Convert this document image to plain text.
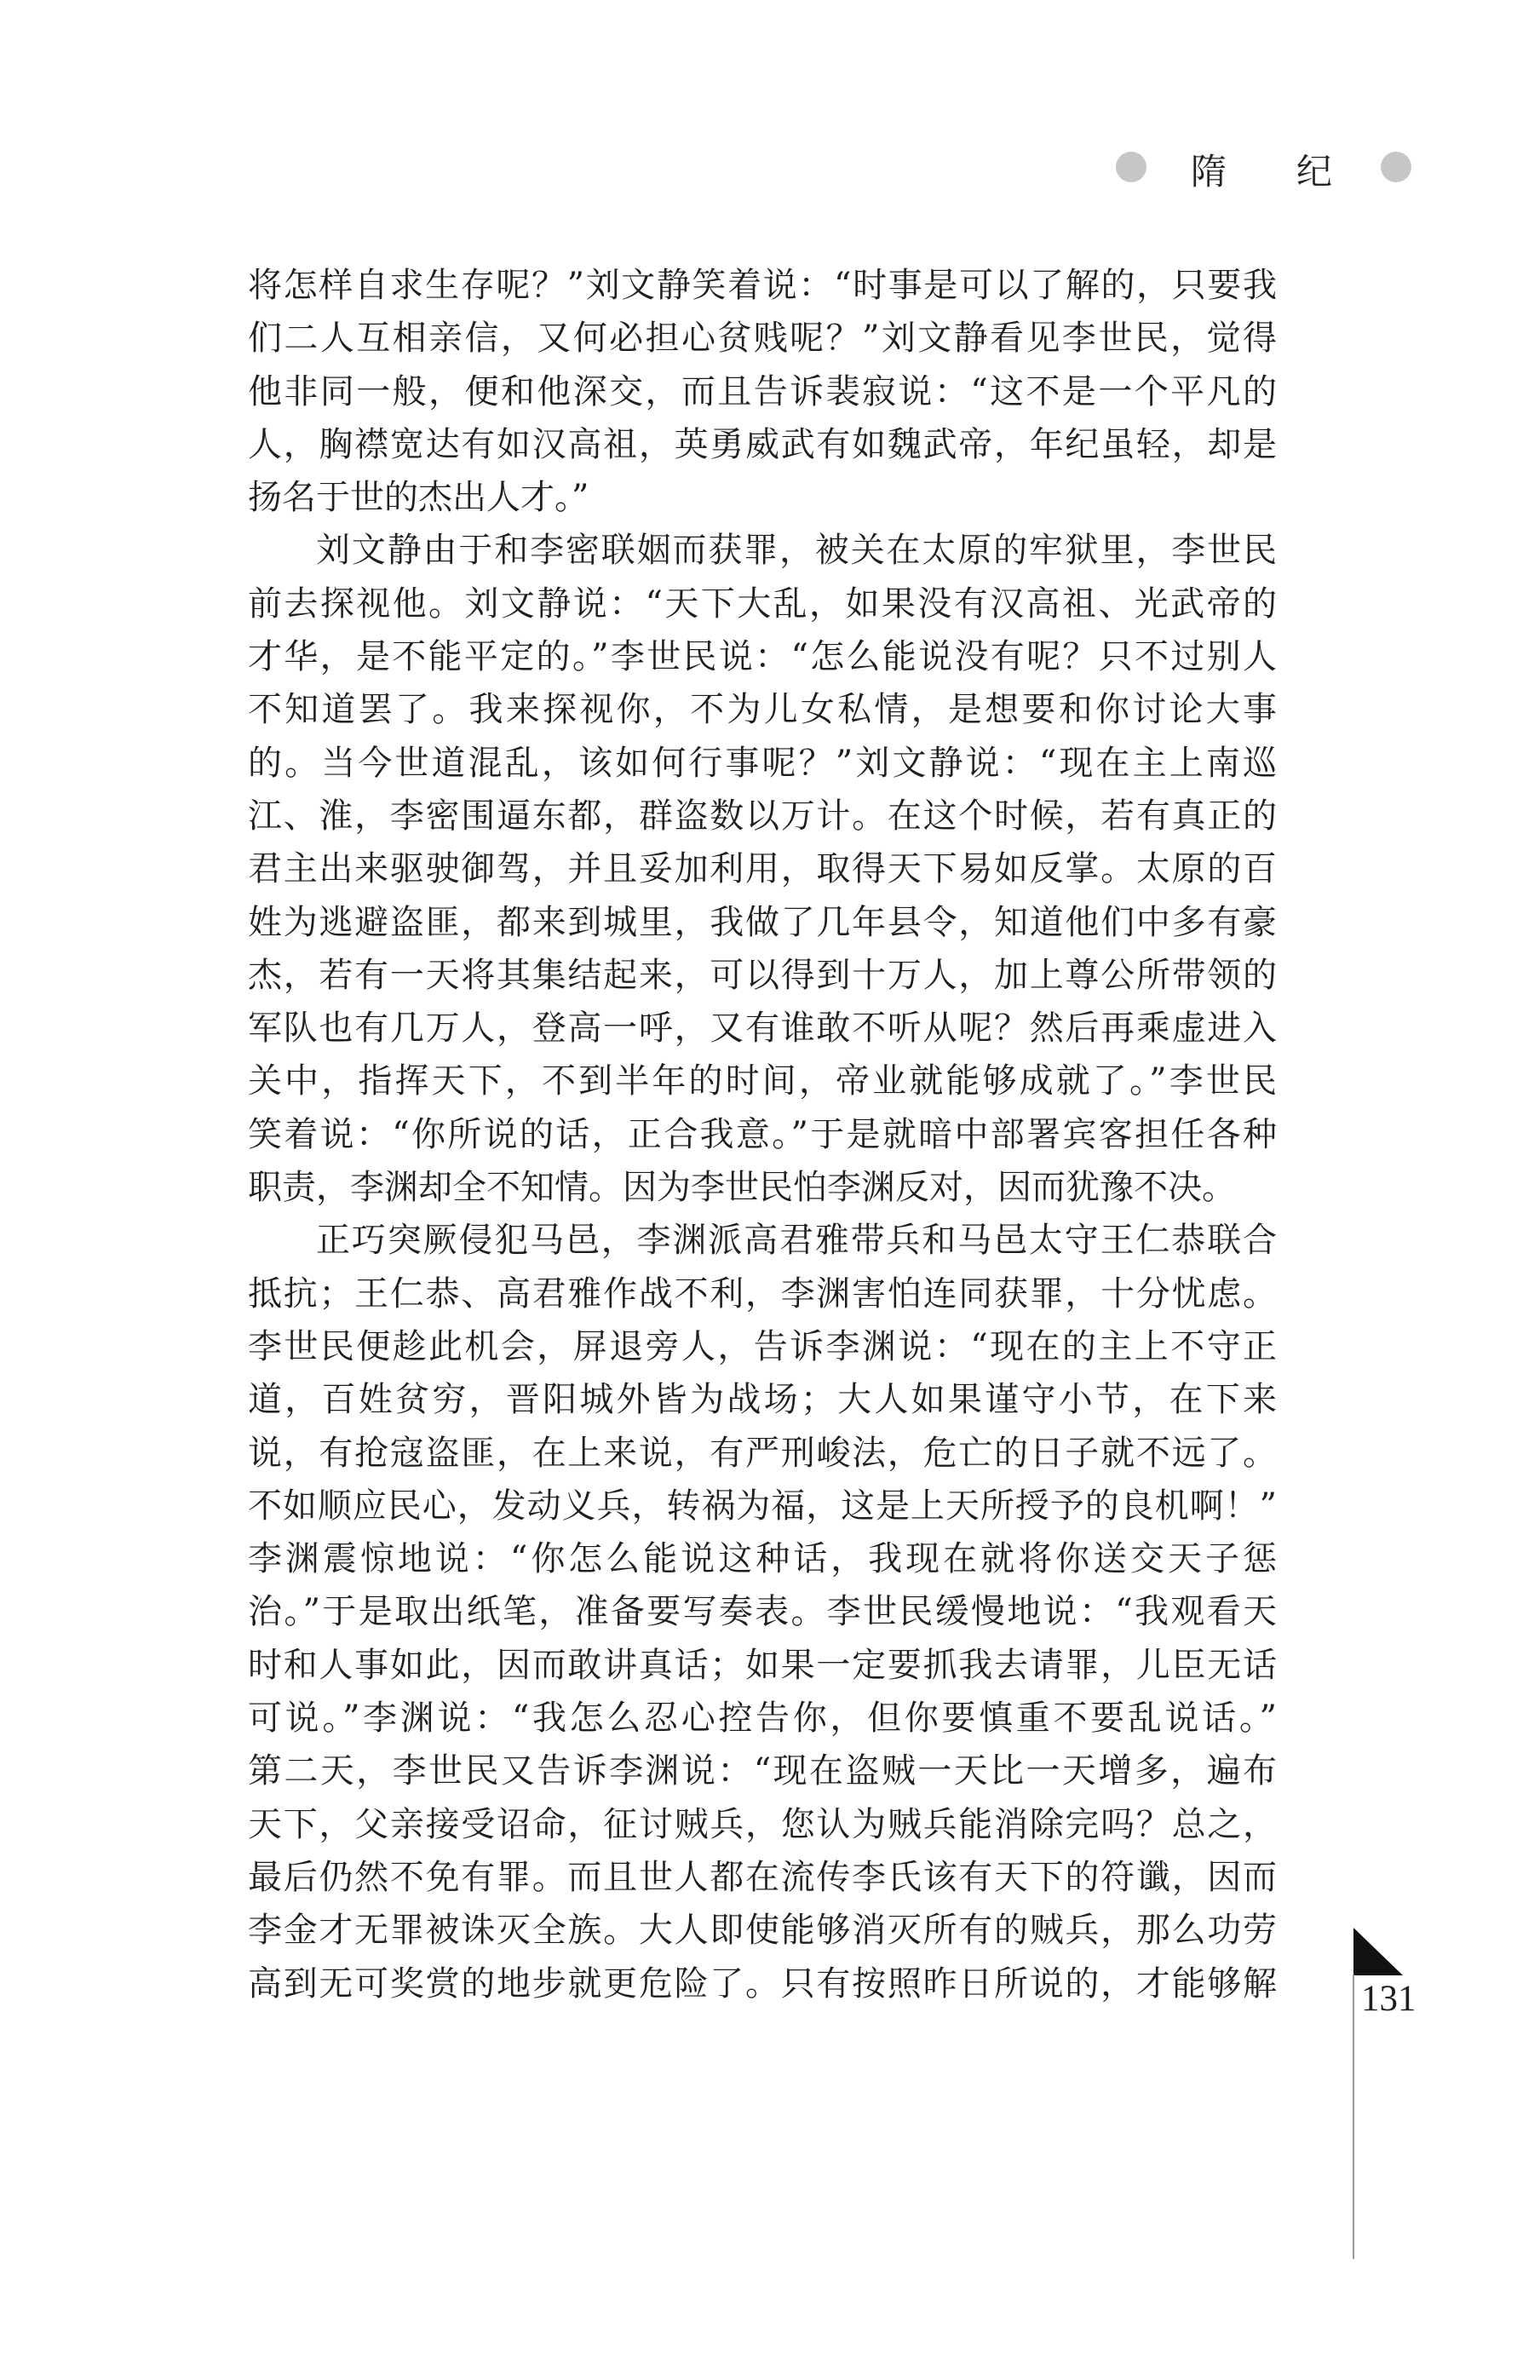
隋 纪
将怎样自求生存呢？”刘文静笑着说：“时事是可以了解的，只要我
们二人互相亲信，又何必担心贫贱呢？”刘文静看见李世民，觉得
他非同一般，便和他深交，而且告诉裴寂说：“这不是一个平凡的
人，胸襟宽达有如汉高祖，英勇威武有如魏武帝，年纪虽轻，却是
扬名于世的杰出人才。”
刘文静由于和李密联姻而获罪，被关在太原的牢狱里，李世民
前去探视他。刘文静说：“天下大乱，如果没有汉高祖、光武帝的
才华，是不能平定的。”李世民说：“怎么能说没有呢？只不过别人
不知道罢了。我来探视你，不为儿女私情，是想要和你讨论大事
的。当今世道混乱，该如何行事呢？”刘文静说：“现在主上南巡
江、淮，李密围逼东都，群盗数以万计。在这个时候，若有真正的
君主出来驱驶御驾，并且妥加利用，取得天下易如反掌。太原的百
姓为逃避盗匪，都来到城里，我做了几年县令，知道他们中多有豪
杰，若有一天将其集结起来，可以得到十万人，加上尊公所带领的
军队也有几万人，登高一呼，又有谁敢不听从呢？然后再乘虚进入
关中，指挥天下，不到半年的时间，帝业就能够成就了。”李世民
笑着说：“你所说的话，正合我意。”于是就暗中部署宾客担任各种
职责，李渊却全不知情。因为李世民怕李渊反对，因而犹豫不决。
正巧突厥侵犯马邑，李渊派高君雅带兵和马邑太守王仁恭联合
抵抗；王仁恭、高君雅作战不利，李渊害怕连同获罪，十分忧虑。
李世民便趁此机会，屏退旁人，告诉李渊说：“现在的主上不守正
道，百姓贫穷，晋阳城外皆为战场；大人如果谨守小节，在下来
说，有抢寇盗匪，在上来说，有严刑峻法，危亡的日子就不远了。
不如顺应民心，发动义兵，转祸为福，这是上天所授予的良机啊！”
李渊震惊地说：“你怎么能说这种话，我现在就将你送交天子惩
治。”于是取出纸笔，准备要写奏表。李世民缓慢地说：“我观看天
时和人事如此，因而敢讲真话；如果一定要抓我去请罪，儿臣无话
可说。”李渊说：“我怎么忍心控告你，但你要慎重不要乱说话。”
第二天，李世民又告诉李渊说：“现在盗贼一天比一天增多，遍布
天下，父亲接受诏命，征讨贼兵，您认为贼兵能消除完吗？总之，
最后仍然不免有罪。而且世人都在流传李氏该有天下的符谶，因而
李金才无罪被诛灭全族。大人即使能够消灭所有的贼兵，那么功劳
高到无可奖赏的地步就更危险了。只有按照昨日所说的，才能够解 131
